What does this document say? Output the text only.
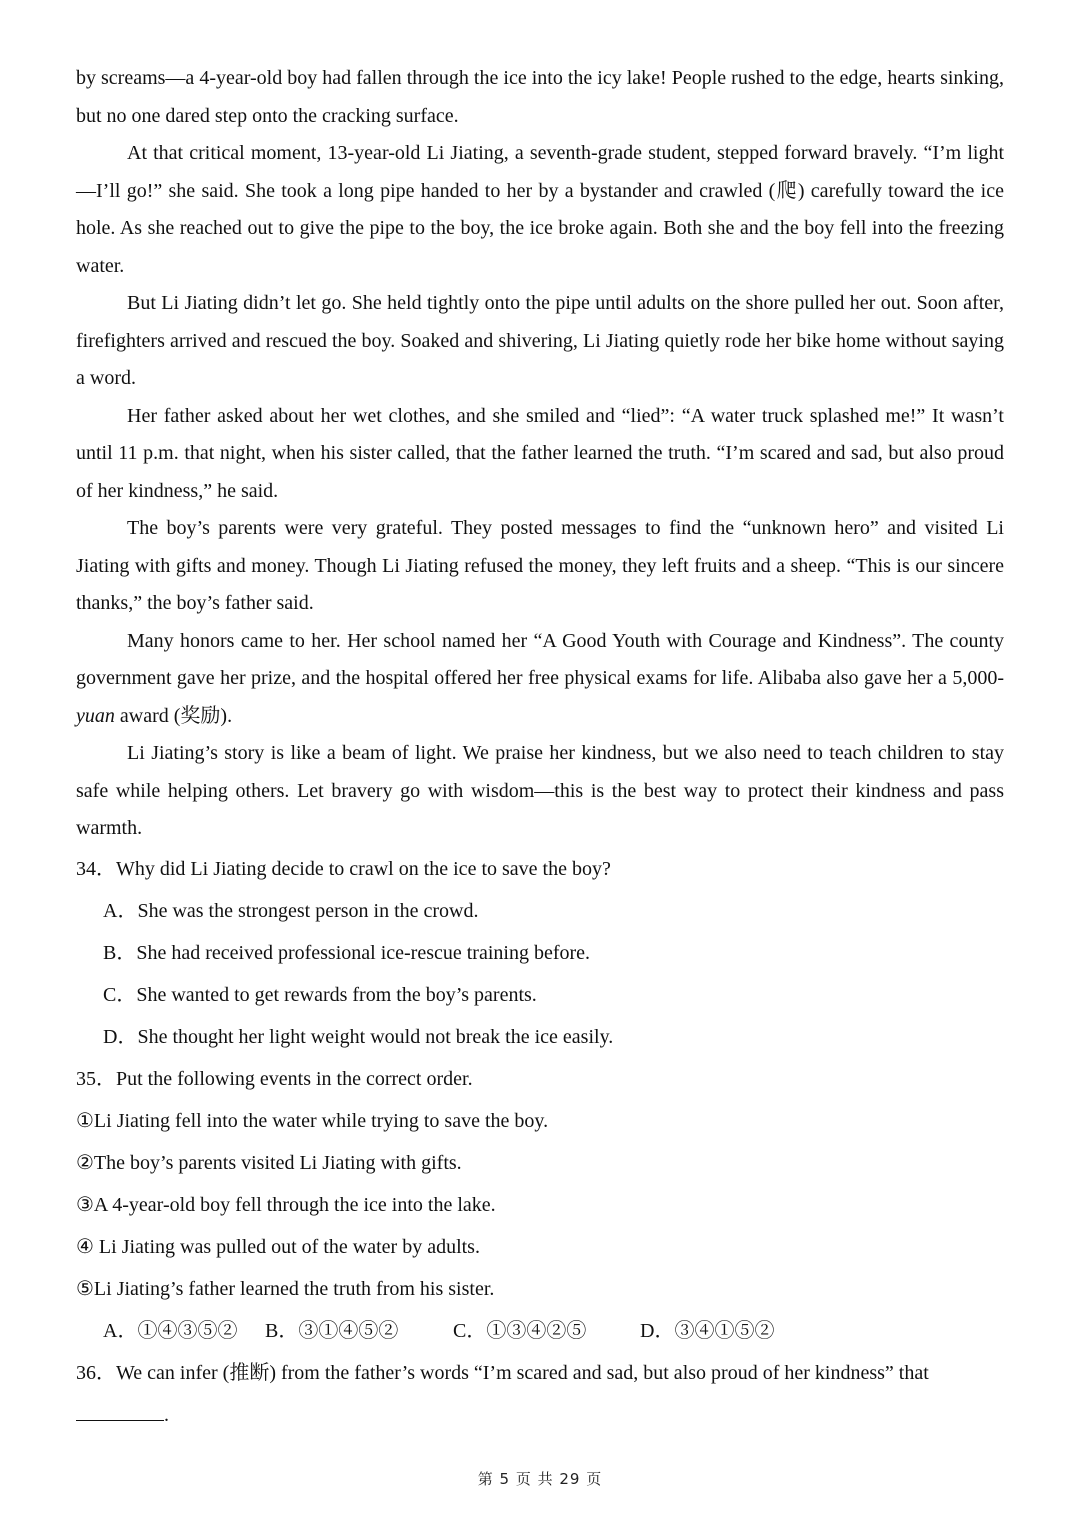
by screams—a 4-year-old boy had fallen through the ice into the icy lake! People rushed to the edge, hearts sinking, but no one dared step onto the cracking surface.

At that critical moment, 13-year-old Li Jiating, a seventh-grade student, stepped forward bravely. “I’m light—I’ll go!” she said. She took a long pipe handed to her by a bystander and crawled (爬) carefully toward the ice hole. As she reached out to give the pipe to the boy, the ice broke again. Both she and the boy fell into the freezing water.

But Li Jiating didn’t let go. She held tightly onto the pipe until adults on the shore pulled her out. Soon after, firefighters arrived and rescued the boy. Soaked and shivering, Li Jiating quietly rode her bike home without saying a word.

Her father asked about her wet clothes, and she smiled and “lied”: “A water truck splashed me!” It wasn’t until 11 p.m. that night, when his sister called, that the father learned the truth. “I’m scared and sad, but also proud of her kindness,” he said.

The boy’s parents were very grateful. They posted messages to find the “unknown hero” and visited Li Jiating with gifts and money. Though Li Jiating refused the money, they left fruits and a sheep. “This is our sincere thanks,” the boy’s father said.

Many honors came to her. Her school named her “A Good Youth with Courage and Kindness”. The county government gave her prize, and the hospital offered her free physical exams for life. Alibaba also gave her a 5,000-yuan award (奖励).

Li Jiating’s story is like a beam of light. We praise her kindness, but we also need to teach children to stay safe while helping others. Let bravery go with wisdom—this is the best way to protect their kindness and pass warmth.

34．Why did Li Jiating decide to crawl on the ice to save the boy?

A．She was the strongest person in the crowd.

B．She had received professional ice-rescue training before.

C．She wanted to get rewards from the boy’s parents.

D．She thought her light weight would not break the ice easily.

35．Put the following events in the correct order.

①Li Jiating fell into the water while trying to save the boy.

②The boy’s parents visited Li Jiating with gifts.

③A 4-year-old boy fell through the ice into the lake.

④ Li Jiating was pulled out of the water by adults.

⑤Li Jiating’s father learned the truth from his sister.

A．①④③⑤② B．③①④⑤②	C．①③④②⑤	D．③④①⑤②

36．We can infer (推断) from the father’s words “I’m scared and sad, but also proud of her kindness” that
.

第 5 页 共 29 页
